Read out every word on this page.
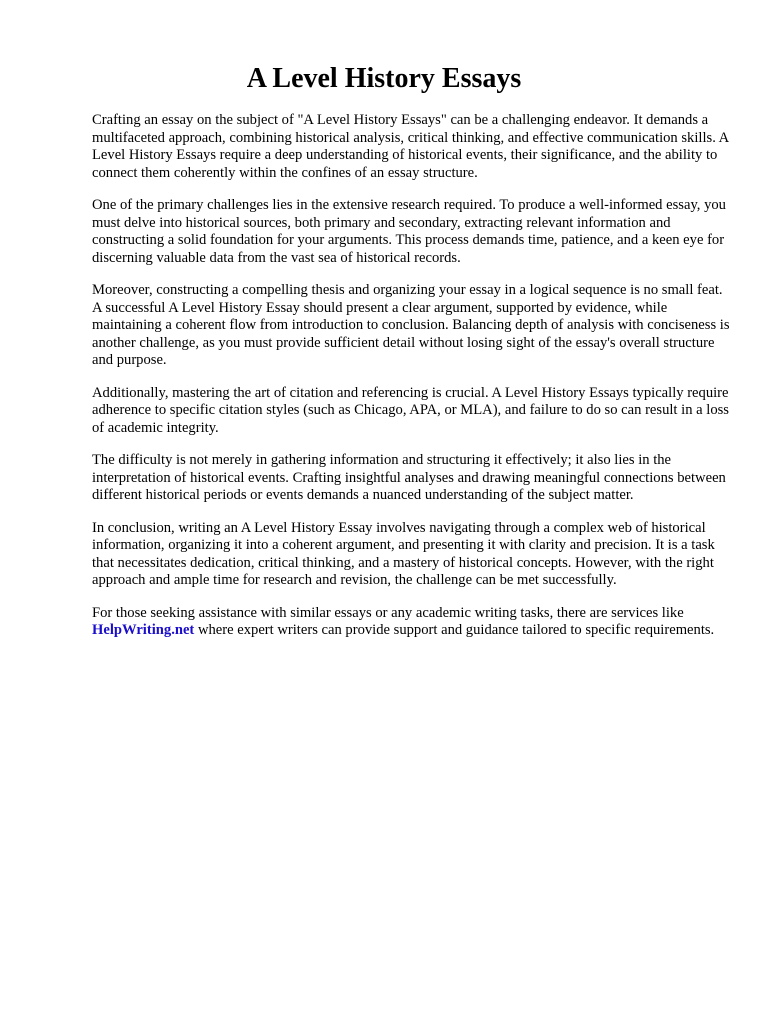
A Level History Essays

Crafting an essay on the subject of "A Level History Essays" can be a challenging endeavor. It demands a multifaceted approach, combining historical analysis, critical thinking, and effective communication skills. A Level History Essays require a deep understanding of historical events, their significance, and the ability to connect them coherently within the confines of an essay structure.

One of the primary challenges lies in the extensive research required. To produce a well-informed essay, you must delve into historical sources, both primary and secondary, extracting relevant information and constructing a solid foundation for your arguments. This process demands time, patience, and a keen eye for discerning valuable data from the vast sea of historical records.

Moreover, constructing a compelling thesis and organizing your essay in a logical sequence is no small feat. A successful A Level History Essay should present a clear argument, supported by evidence, while maintaining a coherent flow from introduction to conclusion. Balancing depth of analysis with conciseness is another challenge, as you must provide sufficient detail without losing sight of the essay's overall structure and purpose.

Additionally, mastering the art of citation and referencing is crucial. A Level History Essays typically require adherence to specific citation styles (such as Chicago, APA, or MLA), and failure to do so can result in a loss of academic integrity.

The difficulty is not merely in gathering information and structuring it effectively; it also lies in the interpretation of historical events. Crafting insightful analyses and drawing meaningful connections between different historical periods or events demands a nuanced understanding of the subject matter.

In conclusion, writing an A Level History Essay involves navigating through a complex web of historical information, organizing it into a coherent argument, and presenting it with clarity and precision. It is a task that necessitates dedication, critical thinking, and a mastery of historical concepts. However, with the right approach and ample time for research and revision, the challenge can be met successfully.

For those seeking assistance with similar essays or any academic writing tasks, there are services like HelpWriting.net where expert writers can provide support and guidance tailored to specific requirements.
